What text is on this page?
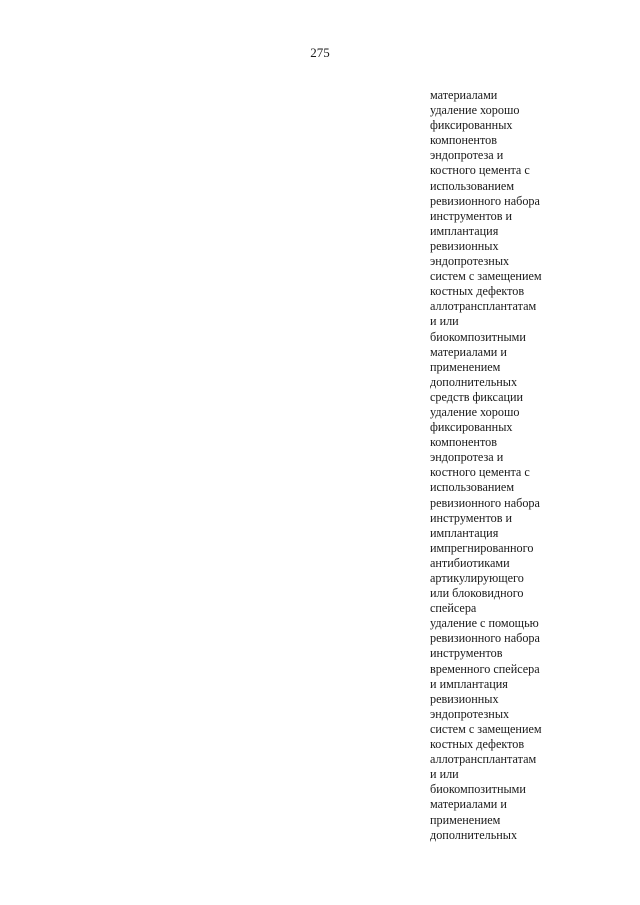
275
материалами
удаление хорошо
фиксированных
компонентов
эндопротеза и
костного цемента с
использованием
ревизионного набора
инструментов и
имплантация
ревизионных
эндопротезных
систем с замещением
костных дефектов
аллотрансплантатам
и или
биокомпозитными
материалами и
применением
дополнительных
средств фиксации
удаление хорошо
фиксированных
компонентов
эндопротеза и
костного цемента с
использованием
ревизионного набора
инструментов и
имплантация
импрегнированного
антибиотиками
артикулирующего
или блоковидного
спейсера
удаление с помощью
ревизионного набора
инструментов
временного спейсера
и имплантация
ревизионных
эндопротезных
систем с замещением
костных дефектов
аллотрансплантатам
и или
биокомпозитными
материалами и
применением
дополнительных
